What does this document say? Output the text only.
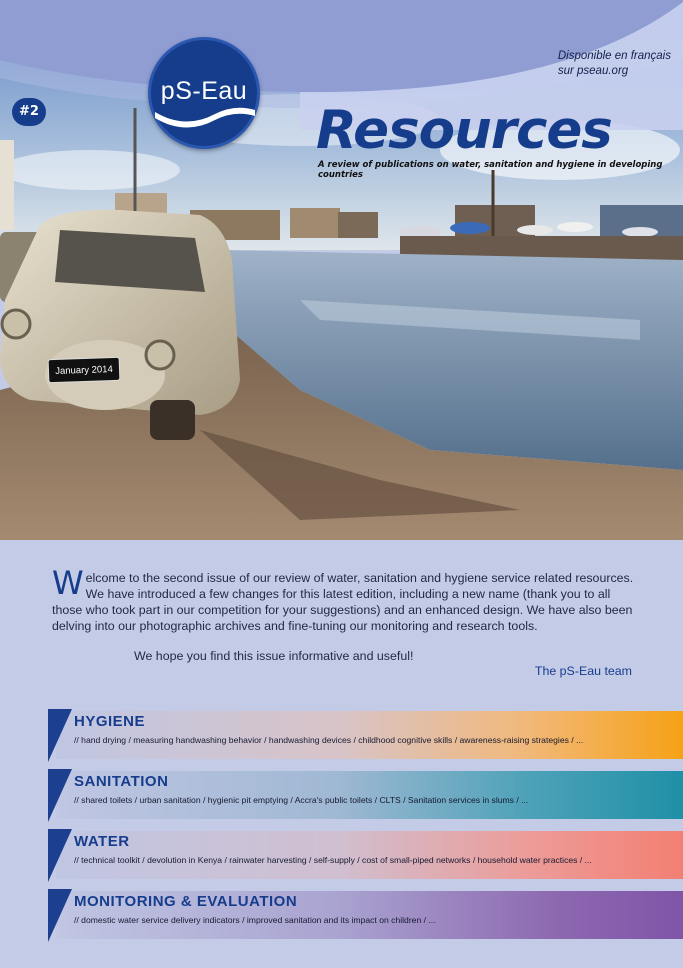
Disponible en français
sur pseau.org
pS-Eau
#2	Resources
A review of publications on water, sanitation and hygiene in developing countries
January 2014
Welcome to the second issue of our review of water, sanitation and hygiene service related resources. We have introduced a few changes for this latest edition, including a new name (thank you to all those who took part in our competition for your suggestions) and an enhanced design. We have also been delving into our photographic archives and fine-tuning our monitoring and research tools.
We hope you find this issue informative and useful!
The pS-Eau team
HYGIENE
// hand drying / measuring handwashing behavior / handwashing devices / childhood cognitive skills / awareness-raising strategies / ...
SANITATION
// shared toilets / urban sanitation / hygienic pit emptying / Accra's public toilets / CLTS / Sanitation services in slums / ...
WATER
// technical toolkit / devolution in Kenya / rainwater harvesting / self-supply / cost of small-piped networks / household water practices / ...
MONITORING & EVALUATION
// domestic water service delivery indicators / improved sanitation and its impact on children / ...
